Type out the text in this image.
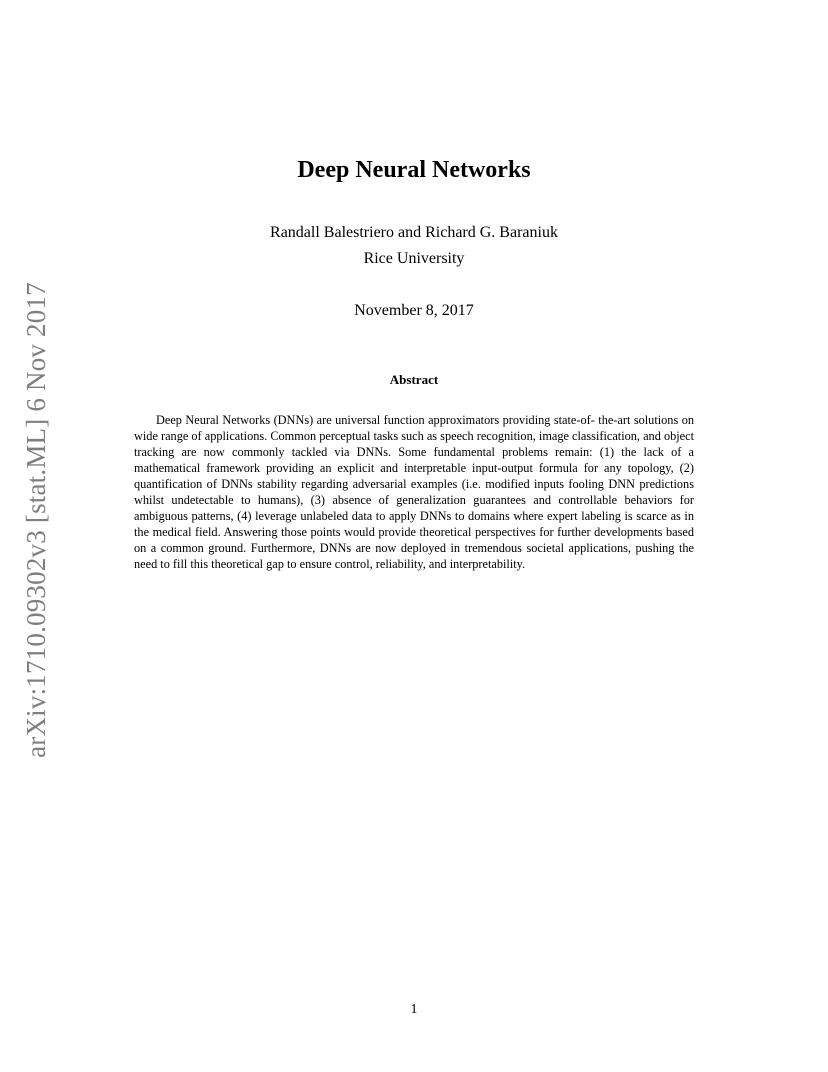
arXiv:1710.09302v3 [stat.ML] 6 Nov 2017
Deep Neural Networks
Randall Balestriero and Richard G. Baraniuk
Rice University
November 8, 2017
Abstract

Deep Neural Networks (DNNs) are universal function approximators providing state-of- the-art solutions on wide range of applications. Common perceptual tasks such as speech recognition, image classification, and object tracking are now commonly tackled via DNNs. Some fundamental problems remain: (1) the lack of a mathematical framework providing an explicit and interpretable input-output formula for any topology, (2) quantification of DNNs stability regarding adversarial examples (i.e. modified inputs fooling DNN predictions whilst undetectable to humans), (3) absence of generalization guarantees and controllable behaviors for ambiguous patterns, (4) leverage unlabeled data to apply DNNs to domains where expert labeling is scarce as in the medical field. Answering those points would provide theoretical perspectives for further developments based on a common ground. Furthermore, DNNs are now deployed in tremendous societal applications, pushing the need to fill this theoretical gap to ensure control, reliability, and interpretability.

1
